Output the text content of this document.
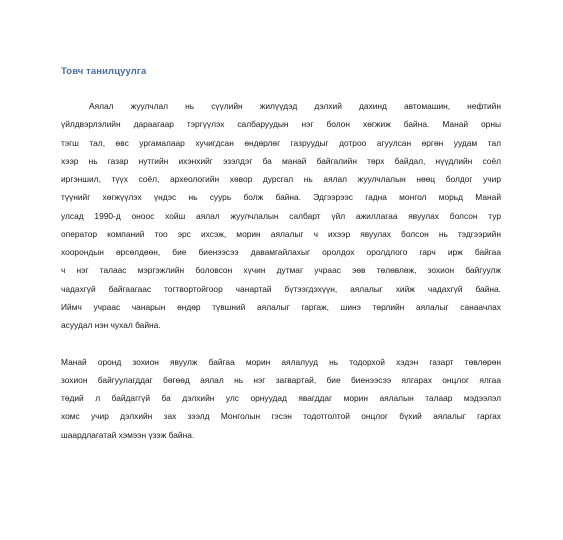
Товч танилцуулга
Аялал жуулчлал нь сүүлийн жилүүдэд дэлхий дахинд автомашин, нефтийн
үйлдвэрлэлийн дараагаар тэргүүлэх салбаруудын нэг болон хөгжиж байна. Манай орны
тэгш тал, өвс ургамалаар хучигдсан өндөрлөг газруудыг дотроо агуулсан өргөн уудам тал
хээр нь газар нутгийн ихэнхийг эзэлдэг ба манай байгалийн төрх байдал, нүүдлийн соёл
иргэншил, түүх соёл, археологийн хөвор дурсгал нь аялал жуулчлалын нөөц болдог учир
түүнийг хөгжүүлэх үндэс нь суурь болж байна. Эдгээрээс гадна монгол морьд Манай
улсад 1990-д оноос хойш аялал жуулчлалын салбарт үйл ажиллагаа явуулах болсон тур
оператор компаний тоо эрс ихсэж, морин аялалыг ч ихээр явуулах болсон нь тэдгээрийн
хоорондын өрсөлдөөн, бие биенээсээ давамгайлахыг оролдох оролдлого гарч ирж байгаа
ч нэг талаас мэргэжлийн боловсон хүчин дутмаг учраас эөв төлөвлөж, зохион байгуулж
чадахгүй байгаагаас тогтвортойгоор чанартай бүтээгдэхүүн, аялалыг хийж чадахгүй байна.
Иймч учраас чанарын өндөр түвшний аялалыг гаргаж, шинэ төрлийн аялалыг санаачлах
асуудал нэн чухал байна.
Манай оронд зохион явуулж байгаа морин аялалууд нь тодорхой хэдэн газарт төвлөрөн
зохион байгуулагддаг бөгөөд аялал нь нэг загвартай, бие биенээсээ ялгарах онцлог ялгаа
төдий л байдаггүй ба дэлхийн улс орнуудад явагддаг морин аялалын талаар мэдээлэл
хомс учир дэлхийн зах зээлд Монголын гэсэн тодотголтой онцлог бүхий аялалыг гаргах
шаардлагатай хэмээн үзэж байна.
